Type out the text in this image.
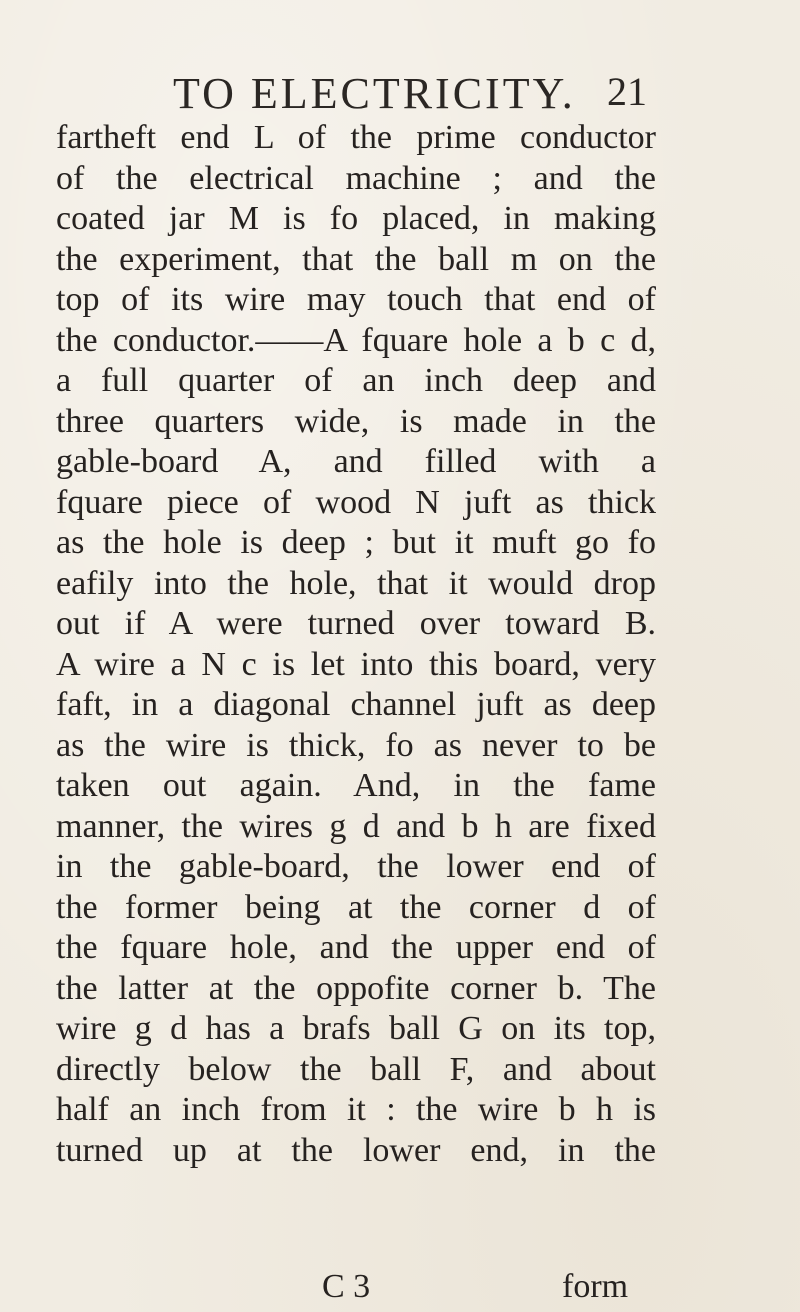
TO ELECTRICITY. 21
fartheft end L of the prime conductor
of the electrical machine ; and the
coated jar M is fo placed, in making
the experiment, that the ball m on the
top of its wire may touch that end of
the conductor.——A fquare hole a b c d,
a full quarter of an inch deep and
three quarters wide, is made in the
gable-board A, and filled with a
fquare piece of wood N juft as thick
as the hole is deep ; but it muft go fo
eafily into the hole, that it would drop
out if A were turned over toward B.
A wire a N c is let into this board, very
faft, in a diagonal channel juft as deep
as the wire is thick, fo as never to be
taken out again. And, in the fame
manner, the wires g d and b h are fixed
in the gable-board, the lower end of
the former being at the corner d of
the fquare hole, and the upper end of
the latter at the oppofite corner b. The
wire g d has a brafs ball G on its top,
directly below the ball F, and about
half an inch from it : the wire b h is
turned up at the lower end, in the
C 3	form
